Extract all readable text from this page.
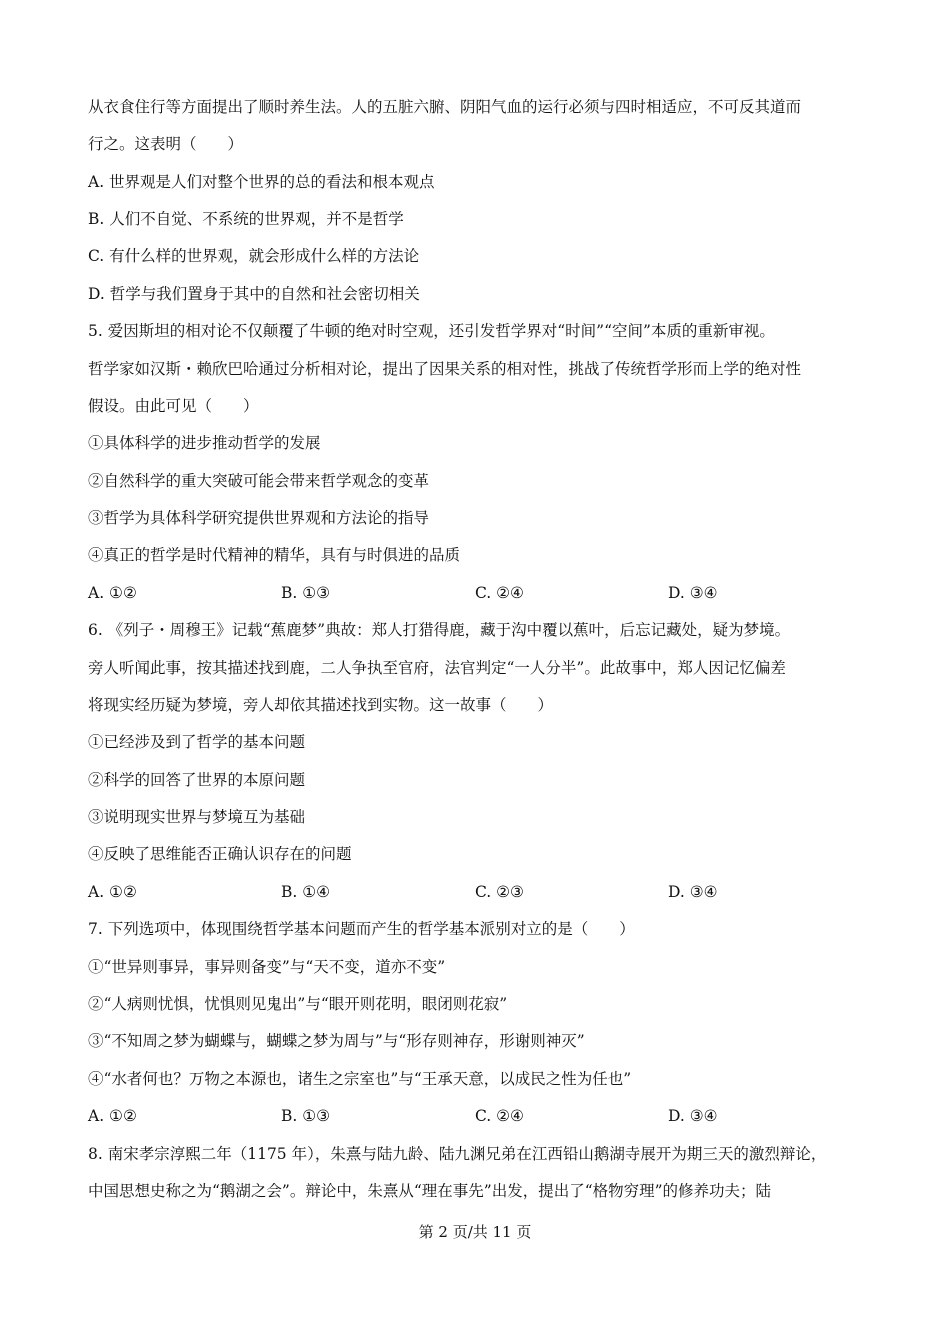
从衣食住行等方面提出了顺时养生法。人的五脏六腑、阴阳气血的运行必须与四时相适应，不可反其道而
行之。这表明（　　）
A. 世界观是人们对整个世界的总的看法和根本观点
B. 人们不自觉、不系统的世界观，并不是哲学
C. 有什么样的世界观，就会形成什么样的方法论
D. 哲学与我们置身于其中的自然和社会密切相关
5. 爱因斯坦的相对论不仅颠覆了牛顿的绝对时空观，还引发哲学界对“时间”“空间”本质的重新审视。
哲学家如汉斯・赖欣巴哈通过分析相对论，提出了因果关系的相对性，挑战了传统哲学形而上学的绝对性
假设。由此可见（　　）
①具体科学的进步推动哲学的发展
②自然科学的重大突破可能会带来哲学观念的变革
③哲学为具体科学研究提供世界观和方法论的指导
④真正的哲学是时代精神的精华，具有与时俱进的品质
A. ①②	B. ①③	C. ②④	D. ③④
6. 《列子・周穆王》记载“蕉鹿梦”典故：郑人打猎得鹿，藏于沟中覆以蕉叶，后忘记藏处，疑为梦境。
旁人听闻此事，按其描述找到鹿，二人争执至官府，法官判定“一人分半”。此故事中，郑人因记忆偏差
将现实经历疑为梦境，旁人却依其描述找到实物。这一故事（　　）
①已经涉及到了哲学的基本问题
②科学的回答了世界的本原问题
③说明现实世界与梦境互为基础
④反映了思维能否正确认识存在的问题
A. ①②	B. ①④	C. ②③	D. ③④
7. 下列选项中，体现围绕哲学基本问题而产生的哲学基本派别对立的是（　　）
①“世异则事异，事异则备变”与“天不变，道亦不变”
②“人病则忧惧，忧惧则见鬼出”与“眼开则花明，眼闭则花寂”
③“不知周之梦为蝴蝶与，蝴蝶之梦为周与”与“形存则神存，形谢则神灭”
④“水者何也？万物之本源也，诸生之宗室也”与“王承天意，以成民之性为任也”
A. ①②	B. ①③	C. ②④	D. ③④
8. 南宋孝宗淳熙二年（1175 年），朱熹与陆九龄、陆九渊兄弟在江西铅山鹅湖寺展开为期三天的激烈辩论，
中国思想史称之为“鹅湖之会”。辩论中，朱熹从“理在事先”出发，提出了“格物穷理”的修养功夫；陆
第 2 页/共 11 页
